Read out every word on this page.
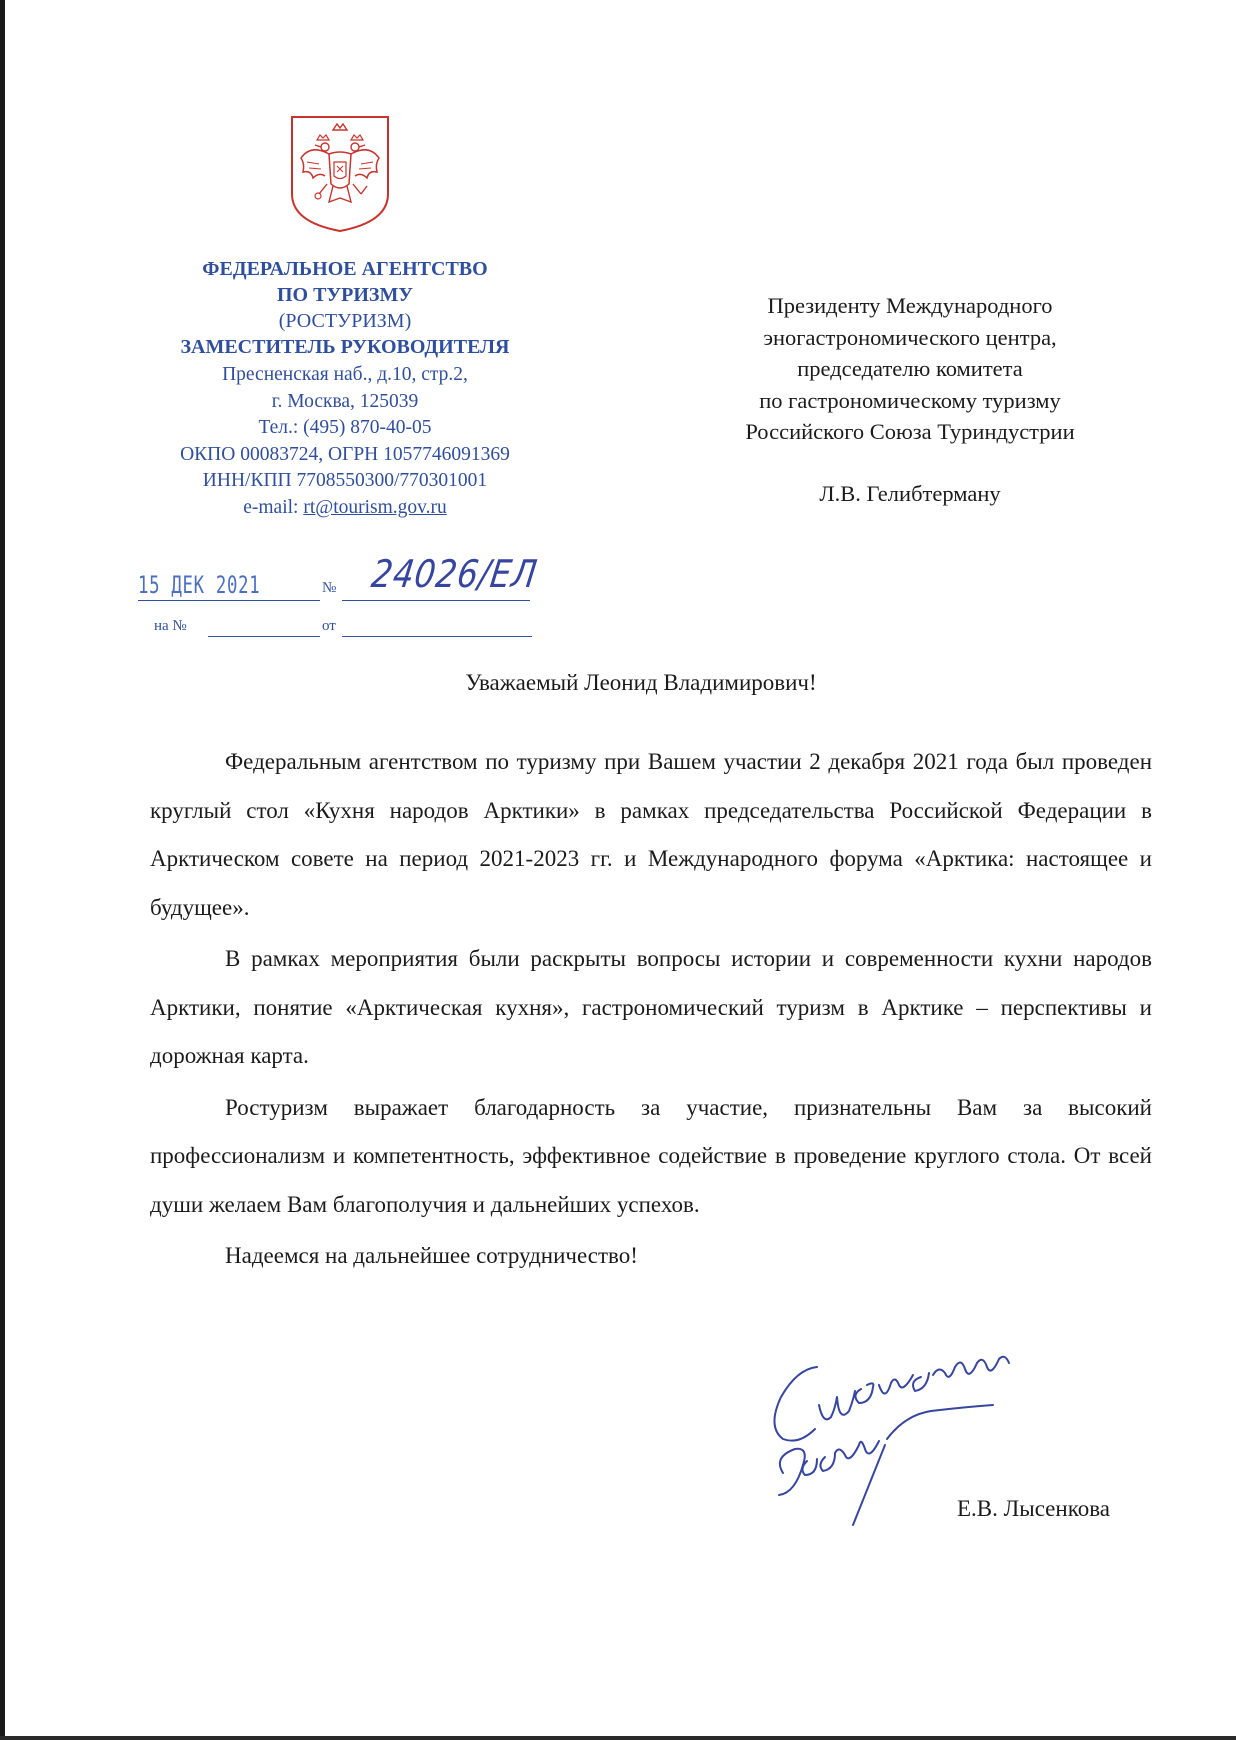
ФЕДЕРАЛЬНОЕ АГЕНТСТВО
ПО ТУРИЗМУ
(РОСТУРИЗМ)
ЗАМЕСТИТЕЛЬ РУКОВОДИТЕЛЯ
Пресненская наб., д.10, стр.2,
г. Москва, 125039
Тел.: (495) 870-40-05
ОКПО 00083724, ОГРН 1057746091369
ИНН/КПП 7708550300/770301001
e-mail: rt@tourism.gov.ru
15 ДЕК 2021	№ 24026/ЕЛ
на №	от
Президенту Международного
эногастрономического центра,
председателю комитета
по гастрономическому туризму
Российского Союза Туриндустрии
Л.В. Гелибтерману
Уважаемый Леонид Владимирович!

Федеральным агентством по туризму при Вашем участии 2 декабря 2021 года был проведен круглый стол «Кухня народов Арктики» в рамках председательства Российской Федерации в Арктическом совете на период 2021-2023 гг. и Международного форума «Арктика: настоящее и будущее».

В рамках мероприятия были раскрыты вопросы истории и современности кухни народов Арктики, понятие «Арктическая кухня», гастрономический туризм в Арктике – перспективы и дорожная карта.

Ростуризм выражает благодарность за участие, признательны Вам за высокий профессионализм и компетентность, эффективное содействие в проведение круглого стола. От всей души желаем Вам благополучия и дальнейших успехов.

Надеемся на дальнейшее сотрудничество!

Е.В. Лысенкова
